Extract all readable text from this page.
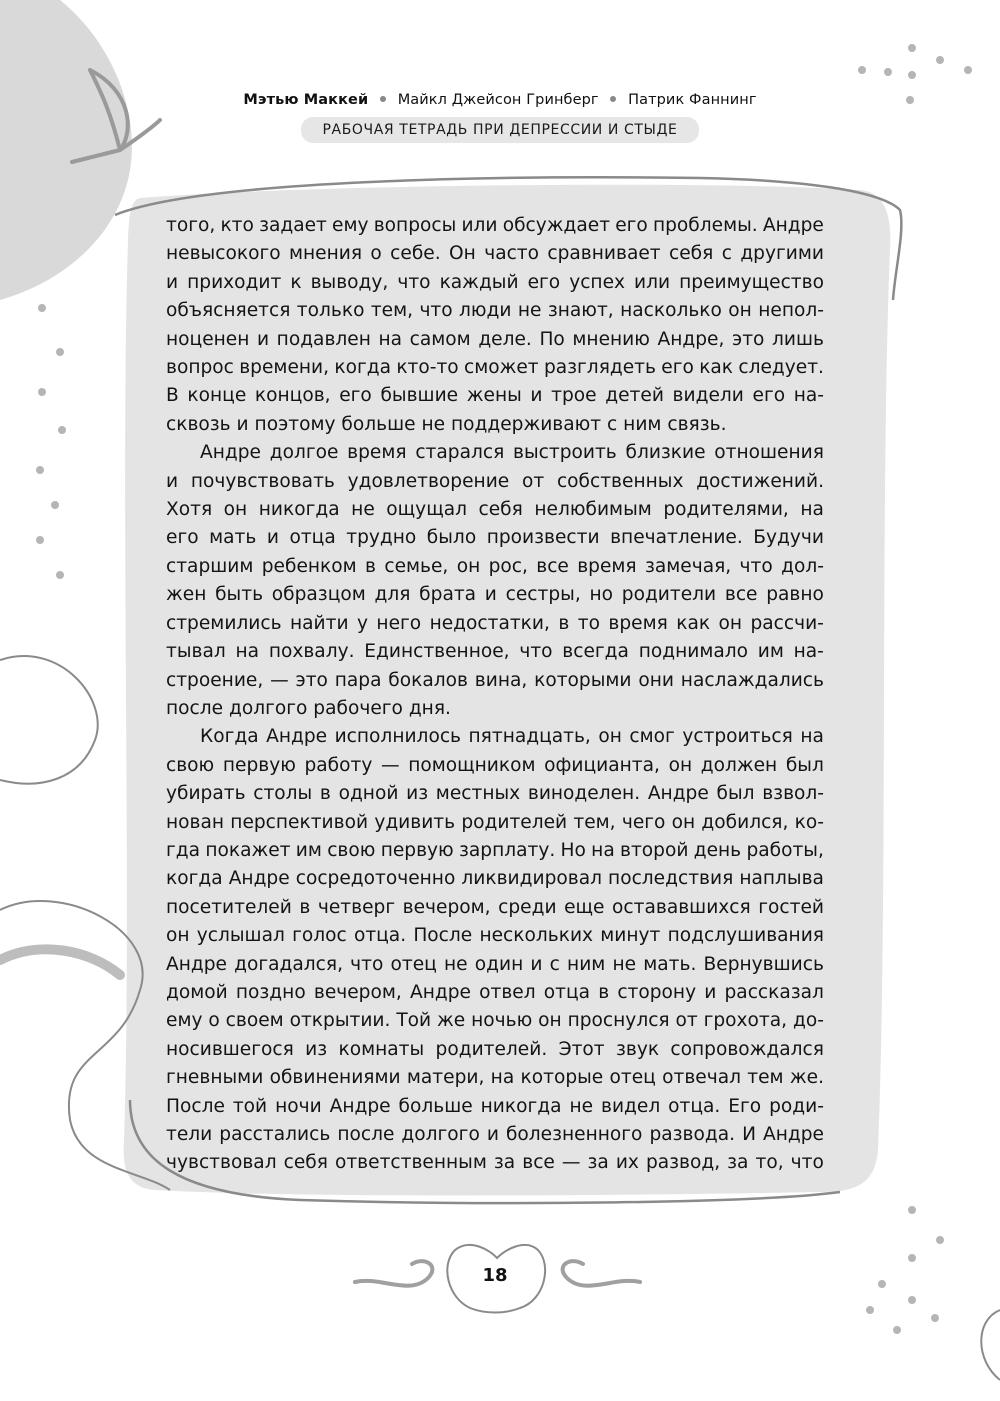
Мэтью Маккей Майкл Джейсон Гринберг Патрик Фаннинг
РАБОЧАЯ ТЕТРАДЬ ПРИ ДЕПРЕССИИ И СТЫДЕ
того, кто задает ему вопросы или обсуждает его проблемы. Андре
невысокого мнения о себе. Он часто сравнивает себя с другими
и приходит к выводу, что каждый его успех или преимущество
объясняется только тем, что люди не знают, насколько он непол-
ноценен и подавлен на самом деле. По мнению Андре, это лишь
вопрос времени, когда кто-то сможет разглядеть его как следует.
В конце концов, его бывшие жены и трое детей видели его на-
сквозь и поэтому больше не поддерживают с ним связь.
Андре долгое время старался выстроить близкие отношения
и почувствовать удовлетворение от собственных достижений.
Хотя он никогда не ощущал себя нелюбимым родителями, на
его мать и отца трудно было произвести впечатление. Будучи
старшим ребенком в семье, он рос, все время замечая, что дол-
жен быть образцом для брата и сестры, но родители все равно
стремились найти у него недостатки, в то время как он рассчи-
тывал на похвалу. Единственное, что всегда поднимало им на-
строение, — это пара бокалов вина, которыми они наслаждались
после долгого рабочего дня.
Когда Андре исполнилось пятнадцать, он смог устроиться на
свою первую работу — помощником официанта, он должен был
убирать столы в одной из местных виноделен. Андре был взвол-
нован перспективой удивить родителей тем, чего он добился, ко-
гда покажет им свою первую зарплату. Но на второй день работы,
когда Андре сосредоточенно ликвидировал последствия наплыва
посетителей в четверг вечером, среди еще остававшихся гостей
он услышал голос отца. После нескольких минут подслушивания
Андре догадался, что отец не один и с ним не мать. Вернувшись
домой поздно вечером, Андре отвел отца в сторону и рассказал
ему о своем открытии. Той же ночью он проснулся от грохота, до-
носившегося из комнаты родителей. Этот звук сопровождался
гневными обвинениями матери, на которые отец отвечал тем же.
После той ночи Андре больше никогда не видел отца. Его роди-
тели расстались после долгого и болезненного развода. И Андре
чувствовал себя ответственным за все — за их развод, за то, что
18
